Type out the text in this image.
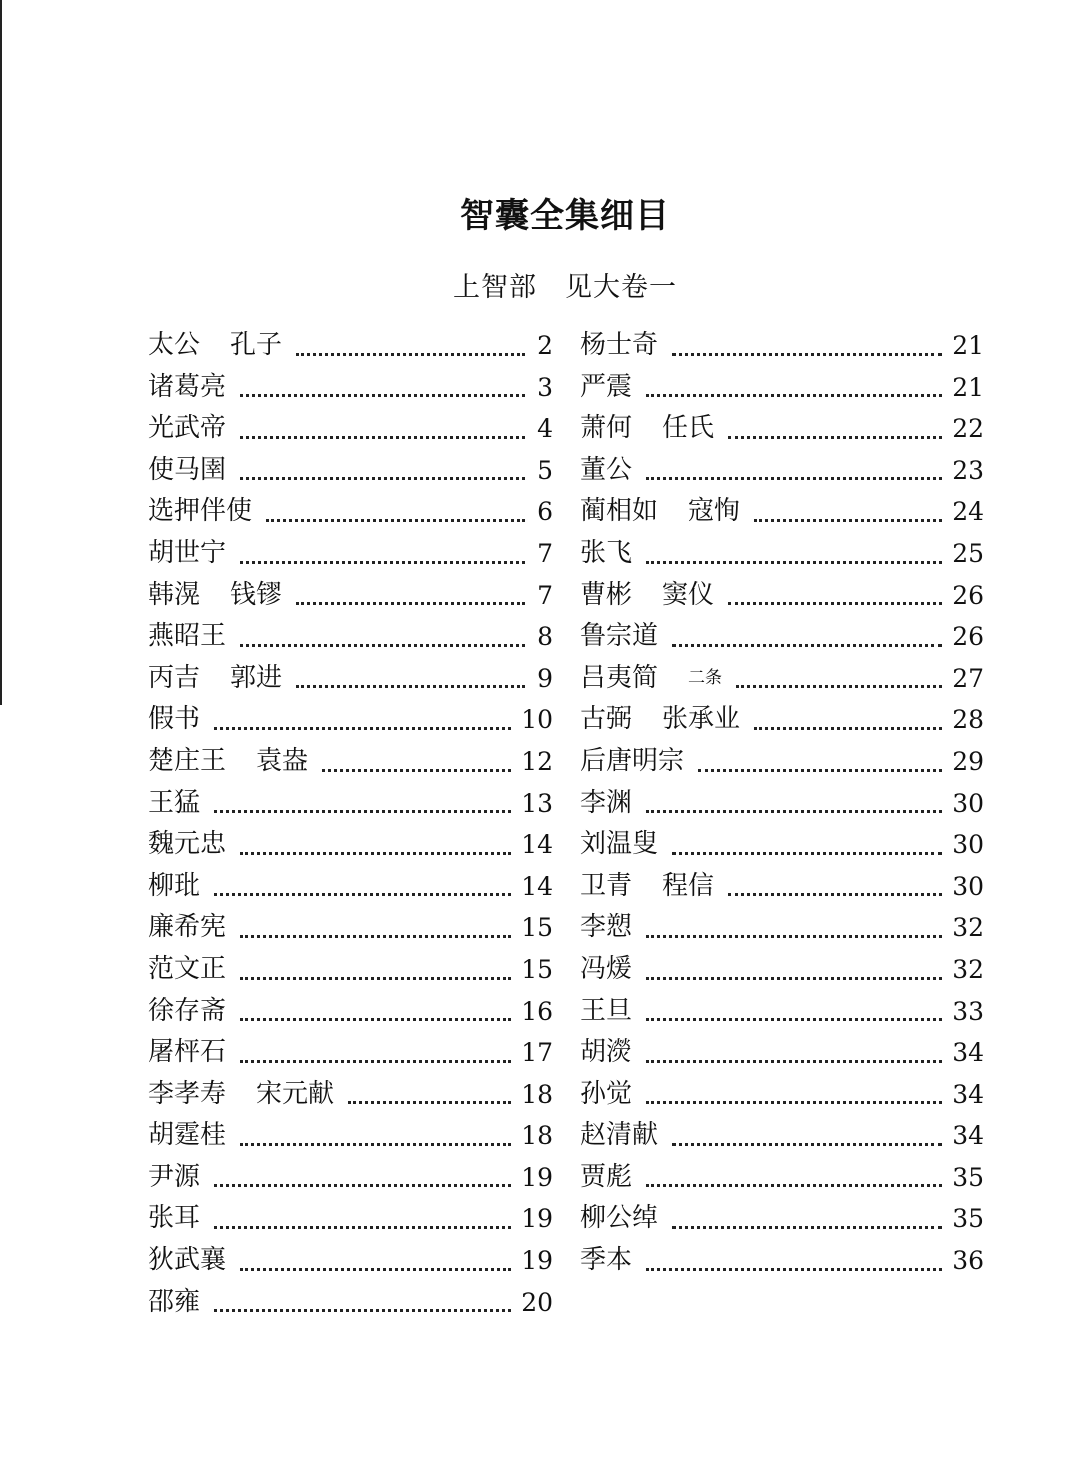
智囊全集细目
上智部 见大卷一
太公 孔子	2
诸葛亮	3
光武帝	4
使马圉	5
选押伴使	6
胡世宁	7
韩滉 钱镠	7
燕昭王	8
丙吉 郭进	9
假书	10
楚庄王 袁盎	12
王猛	13
魏元忠	14
柳玭	14
廉希宪	15
范文正	15
徐存斋	16
屠枰石	17
李孝寿 宋元献	18
胡霆桂	18
尹源	19
张耳	19
狄武襄	19
邵雍	20
杨士奇	21
严震	21
萧何 任氏	22
董公	23
蔺相如 寇恂	24
张飞	25
曹彬 窦仪	26
鲁宗道	26
吕夷简 二条	27
古弼 张承业	28
后唐明宗	29
李渊	30
刘温叟	30
卫青 程信	30
李愬	32
冯煖	32
王旦	33
胡濙	34
孙觉	34
赵清献	34
贾彪	35
柳公绰	35
季本	36
